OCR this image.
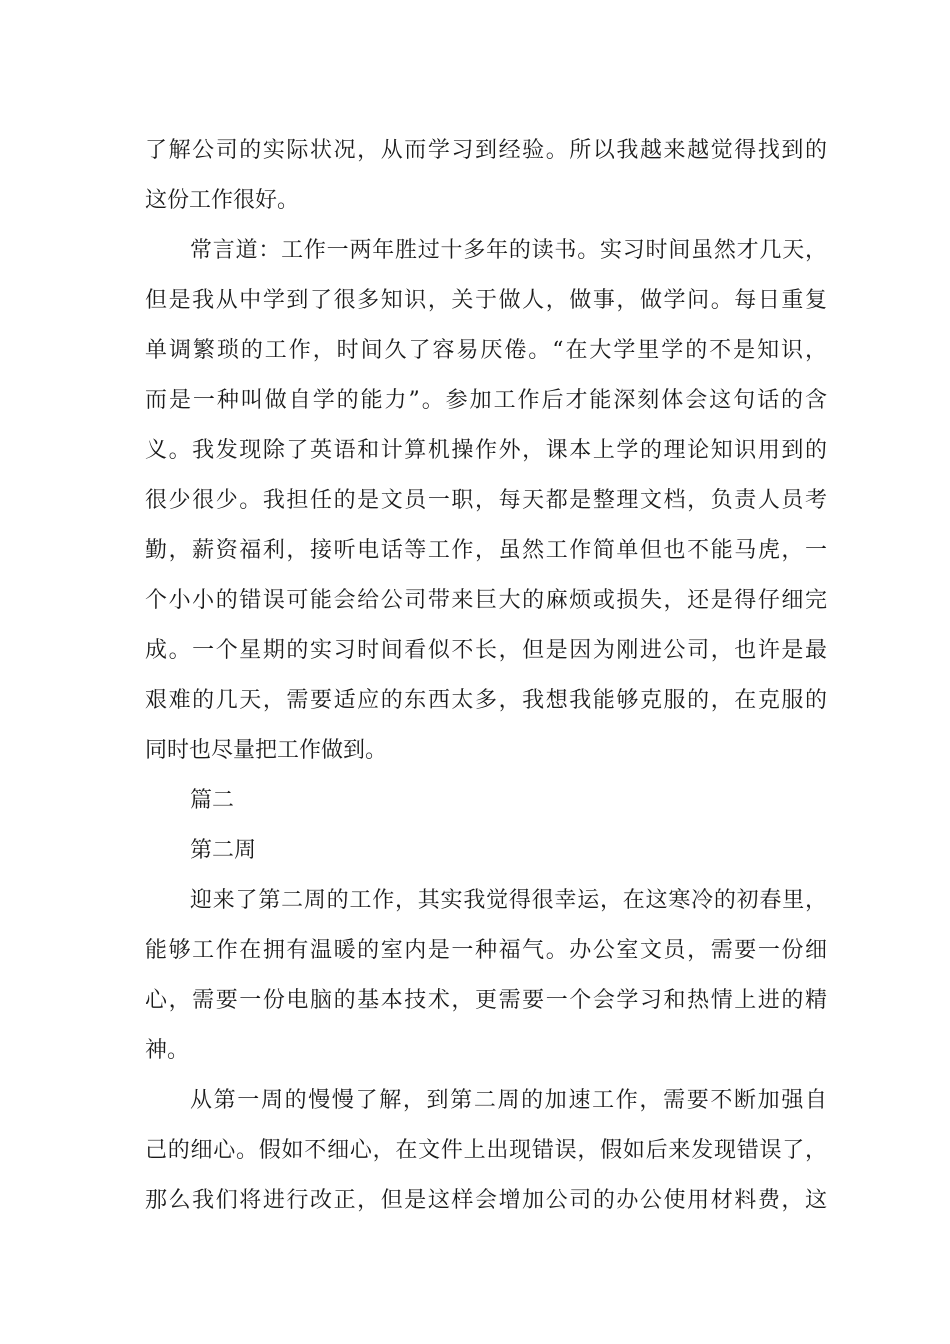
了解公司的实际状况，从而学习到经验。所以我越来越觉得找到的
这份工作很好。
常言道：工作一两年胜过十多年的读书。实习时间虽然才几天，
但是我从中学到了很多知识，关于做人，做事，做学问。每日重复
单调繁琐的工作，时间久了容易厌倦。“在大学里学的不是知识，
而是一种叫做自学的能力”。参加工作后才能深刻体会这句话的含
义。我发现除了英语和计算机操作外，课本上学的理论知识用到的
很少很少。我担任的是文员一职，每天都是整理文档，负责人员考
勤，薪资福利，接听电话等工作，虽然工作简单但也不能马虎，一
个小小的错误可能会给公司带来巨大的麻烦或损失，还是得仔细完
成。一个星期的实习时间看似不长，但是因为刚进公司，也许是最
艰难的几天，需要适应的东西太多，我想我能够克服的，在克服的
同时也尽量把工作做到。
篇二
第二周
迎来了第二周的工作，其实我觉得很幸运，在这寒冷的初春里，
能够工作在拥有温暖的室内是一种福气。办公室文员，需要一份细
心，需要一份电脑的基本技术，更需要一个会学习和热情上进的精
神。
从第一周的慢慢了解，到第二周的加速工作，需要不断加强自
己的细心。假如不细心，在文件上出现错误，假如后来发现错误了，
那么我们将进行改正，但是这样会增加公司的办公使用材料费，这
